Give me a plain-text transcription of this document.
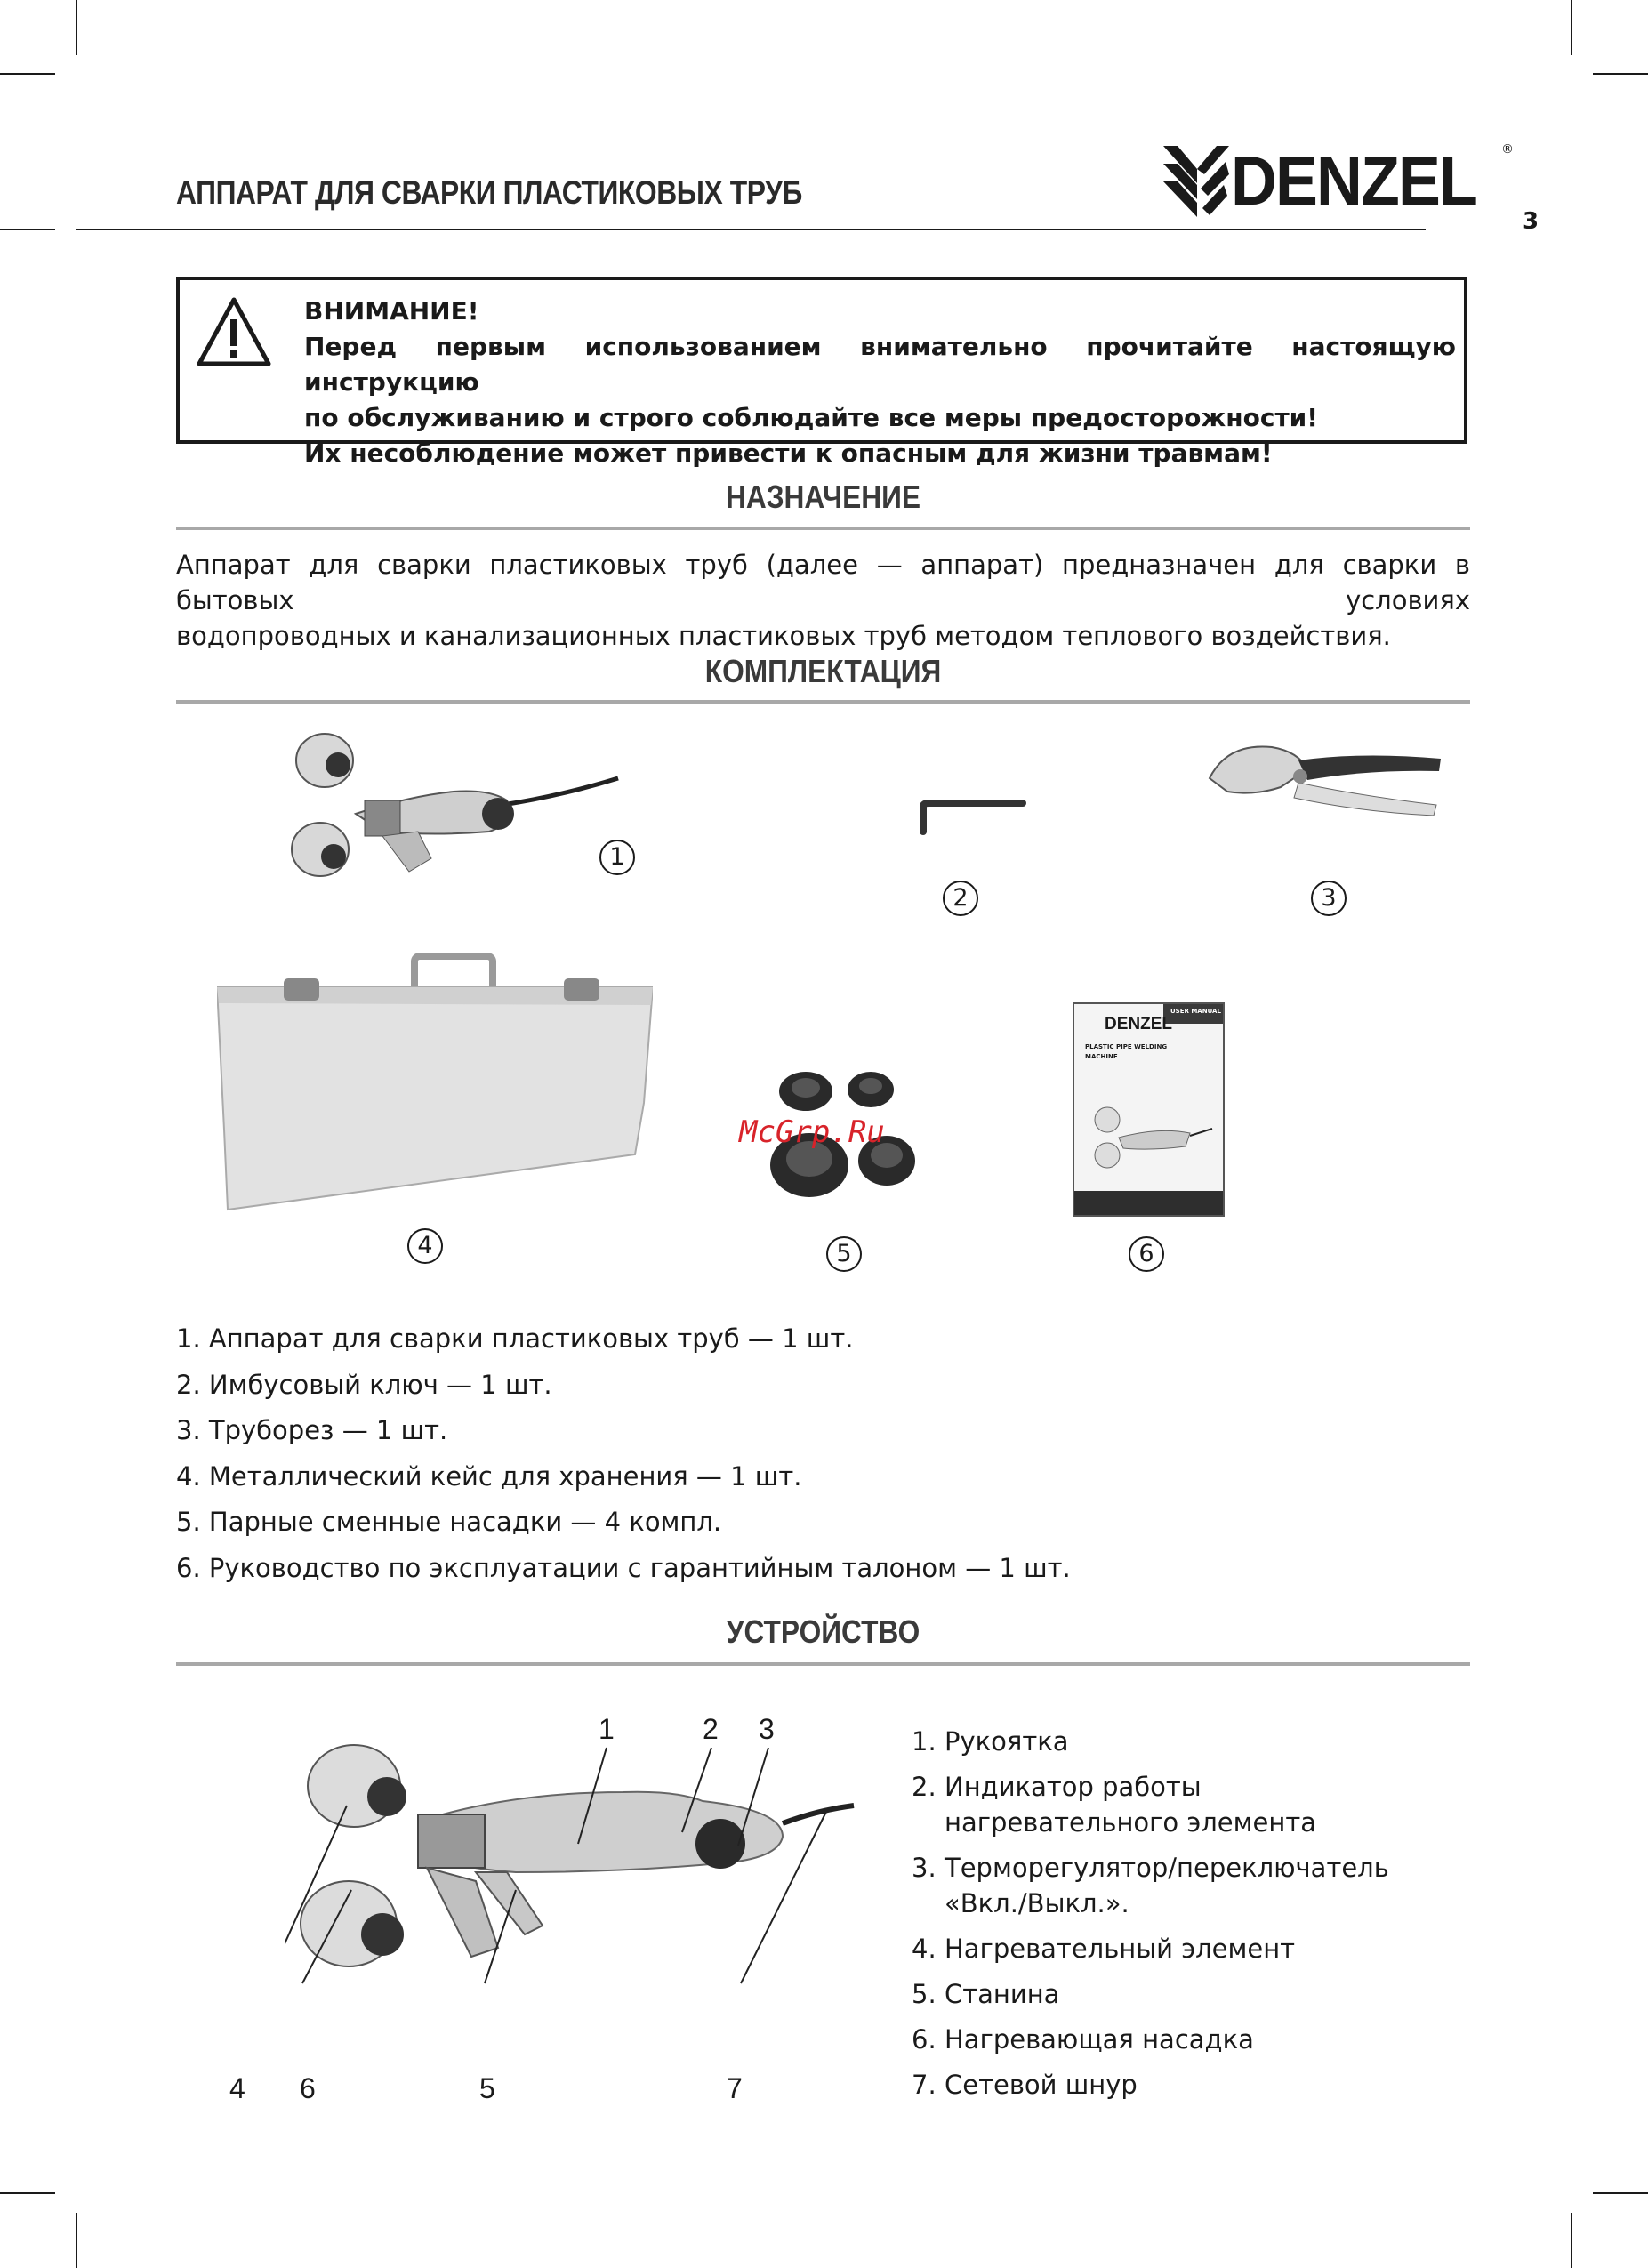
АППАРАТ ДЛЯ СВАРКИ ПЛАСТИКОВЫХ ТРУБ	DENZEL ®
3
ВНИМАНИЕ!
Перед первым использованием внимательно прочитайте настоящую инструкцию
по обслуживанию и строго соблюдайте все меры предосторожности!
Их несоблюдение может привести к опасным для жизни травмам!
НАЗНАЧЕНИЕ
Аппарат для сварки пластиковых труб (далее — аппарат) предназначен для сварки в бытовых условиях
водопроводных и канализационных пластиковых труб методом теплового воздействия.
КОМПЛЕКТАЦИЯ
1
2	3
4	5
USER MANUAL
DENZEL
PLASTIC PIPE WELDING
MACHINE
6
McGrp.Ru
1. Аппарат для сварки пластиковых труб — 1 шт.
2. Имбусовый ключ — 1 шт.
3. Труборез — 1 шт.
4. Металлический кейс для хранения — 1 шт.
5. Парные сменные насадки — 4 компл.
6. Руководство по эксплуатации с гарантийным талоном — 1 шт.
УСТРОЙСТВО
1	2 3
4 6	5	7
1. Рукоятка
2. Индикатор работы нагревательного элемента
3. Терморегулятор/переключатель «Вкл./Выкл.».
4. Нагревательный элемент
5. Станина
6. Нагревающая насадка
7. Сетевой шнур
